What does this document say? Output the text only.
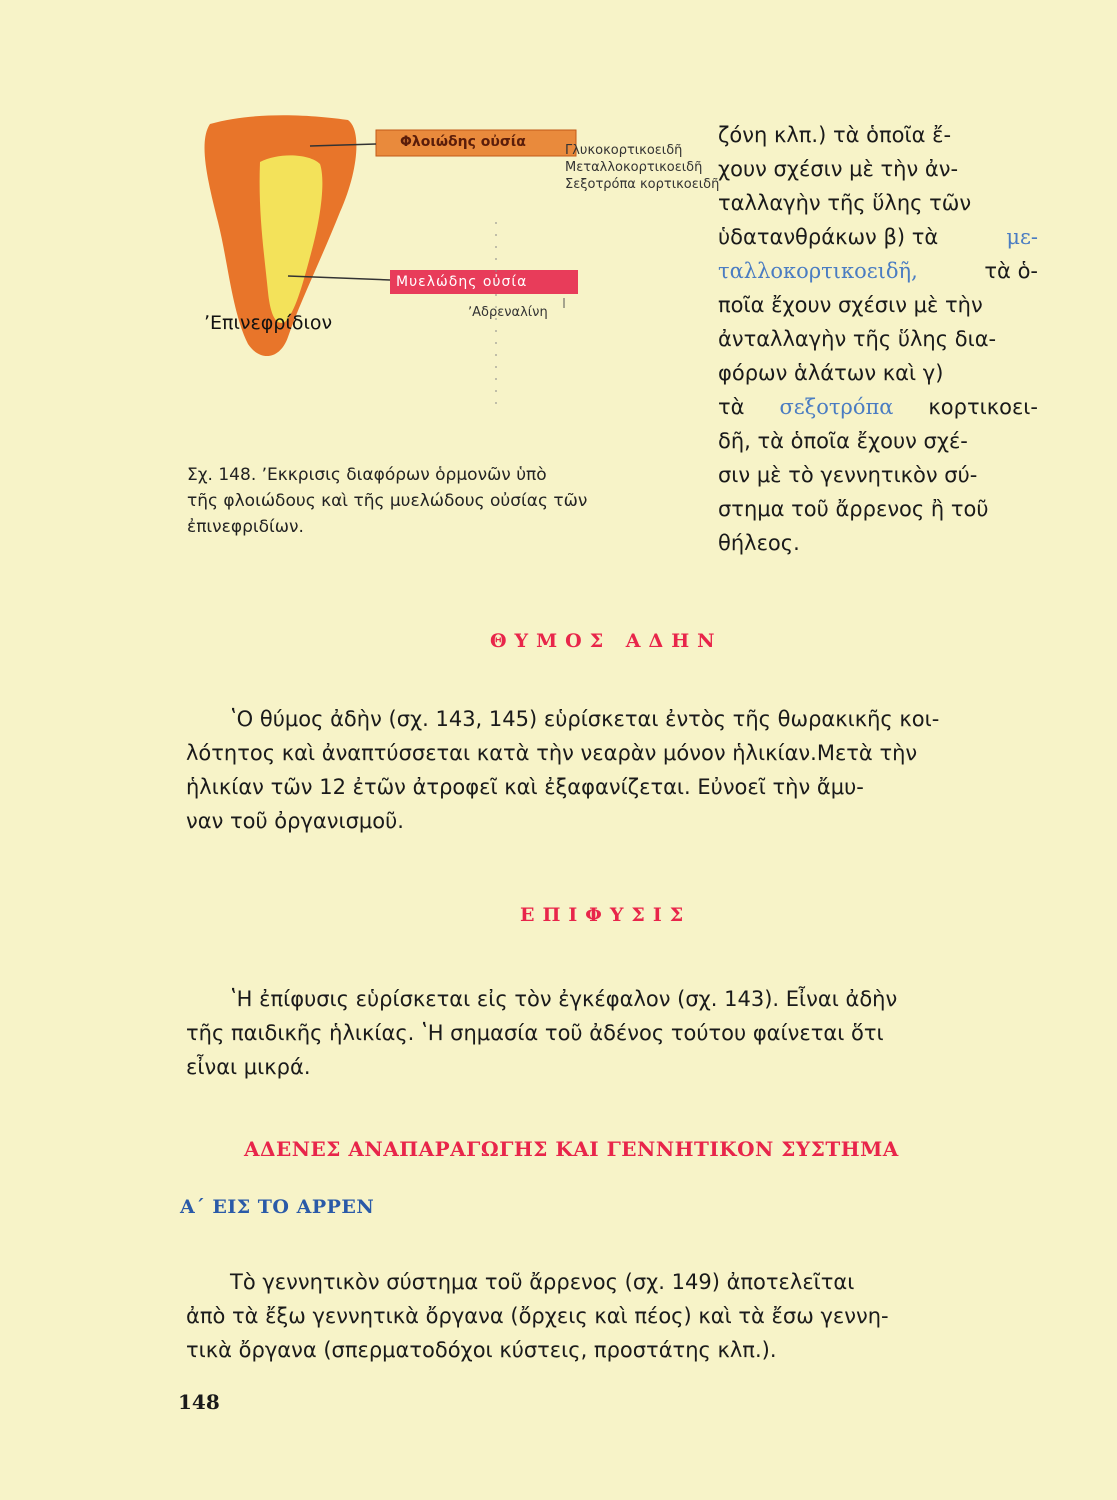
Φλοιώδης οὐσία
Μυελώδης οὐσία
Γλυκοκορτικοειδῆ
Μεταλλοκορτικοειδῆ
Σεξοτρόπα κορτικοειδῆ
ʼΑδρεναλίνη
ʼΕπινεφρίδιον
Σχ. 148. ʼΕκκρισις διαφόρων ὁρμονῶν ὑπὸ
τῆς φλοιώδους καὶ τῆς μυελώδους οὐσίας τῶν
ἐπινεφριδίων.
ζόνη κλπ.) τὰ ὁποῖα ἔ-
χουν σχέσιν μὲ τὴν ἀν-
ταλλαγὴν τῆς ὕλης τῶν
ὑδατανθράκων β) τὰ	με-
ταλλοκορτικοειδῆ,	τὰ ὁ-
ποῖα ἔχουν σχέσιν μὲ τὴν
ἀνταλλαγὴν τῆς ὕλης δια-
φόρων ἁλάτων καὶ γ)
τὰ σεξοτρόπα κορτικοει-
δῆ, τὰ ὁποῖα ἔχουν σχέ-
σιν μὲ τὸ γεννητικὸν σύ-
στημα τοῦ ἄρρενος ἢ τοῦ
θήλεος.
ΘΥΜΟΣ ΑΔΗΝ
ʽΟ θύμος ἀδὴν (σχ. 143, 145) εὑρίσκεται ἐντὸς τῆς θωρακικῆς κοι-
λότητος καὶ ἀναπτύσσεται κατὰ τὴν νεαρὰν μόνον ἡλικίαν.Μετὰ τὴν
ἡλικίαν τῶν 12 ἐτῶν ἀτροφεῖ καὶ ἐξαφανίζεται. Εὐνοεῖ τὴν ἄμυ-
ναν τοῦ ὀργανισμοῦ.
ΕΠΙΦΥΣΙΣ
ʽΗ ἐπίφυσις εὑρίσκεται εἰς τὸν ἐγκέφαλον (σχ. 143). Εἶναι ἀδὴν
τῆς παιδικῆς ἡλικίας. ʽΗ σημασία τοῦ ἀδένος τούτου φαίνεται ὅτι
εἶναι μικρά.
ΑΔΕΝΕΣ ΑΝΑΠΑΡΑΓΩΓΗΣ ΚΑΙ ΓΕΝΝΗΤΙΚΟΝ ΣΥΣΤΗΜΑ
Α΄ ΕΙΣ ΤΟ ΑΡΡΕΝ
Τὸ γεννητικὸν σύστημα τοῦ ἄρρενος (σχ. 149) ἀποτελεῖται
ἀπὸ τὰ ἔξω γεννητικὰ ὄργανα (ὄρχεις καὶ πέος) καὶ τὰ ἔσω γεννη-
τικὰ ὄργανα (σπερματοδόχοι κύστεις, προστάτης κλπ.).
148
